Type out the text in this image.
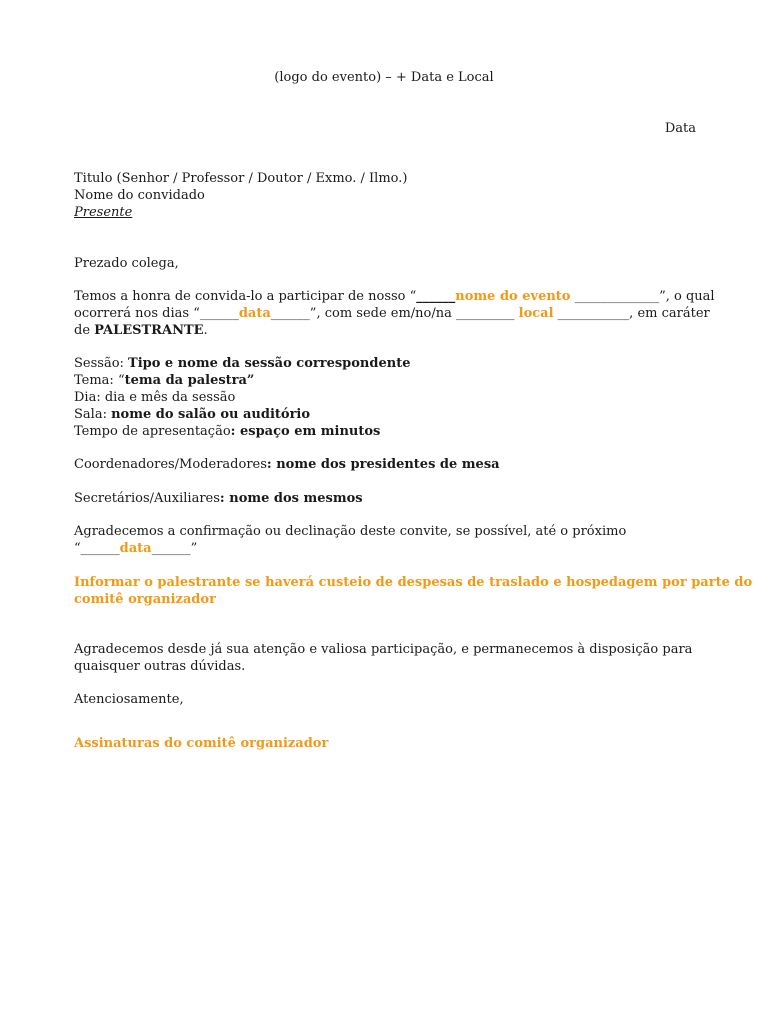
(logo do evento) – + Data e Local
Data
Titulo (Senhor / Professor / Doutor / Exmo. / Ilmo.)
Nome do convidado
Presente
Prezado colega,
Temos a honra de convida-lo a participar de nosso “______nome do evento _____________”, o qual
ocorrerá nos dias “______data______”, com sede em/no/na _________ local ___________, em caráter
de PALESTRANTE.
Sessão: Tipo e nome da sessão correspondente
Tema: “tema da palestra”
Dia: dia e mês da sessão
Sala: nome do salão ou auditório
Tempo de apresentação: espaço em minutos
Coordenadores/Moderadores: nome dos presidentes de mesa
Secretários/Auxiliares: nome dos mesmos
Agradecemos a confirmação ou declinação deste convite, se possível, até o próximo
“______data______”
Informar o palestrante se haverá custeio de despesas de traslado e hospedagem por parte do
comitê organizador
Agradecemos desde já sua atenção e valiosa participação, e permanecemos à disposição para
quaisquer outras dúvidas.
Atenciosamente,
Assinaturas do comitê organizador
